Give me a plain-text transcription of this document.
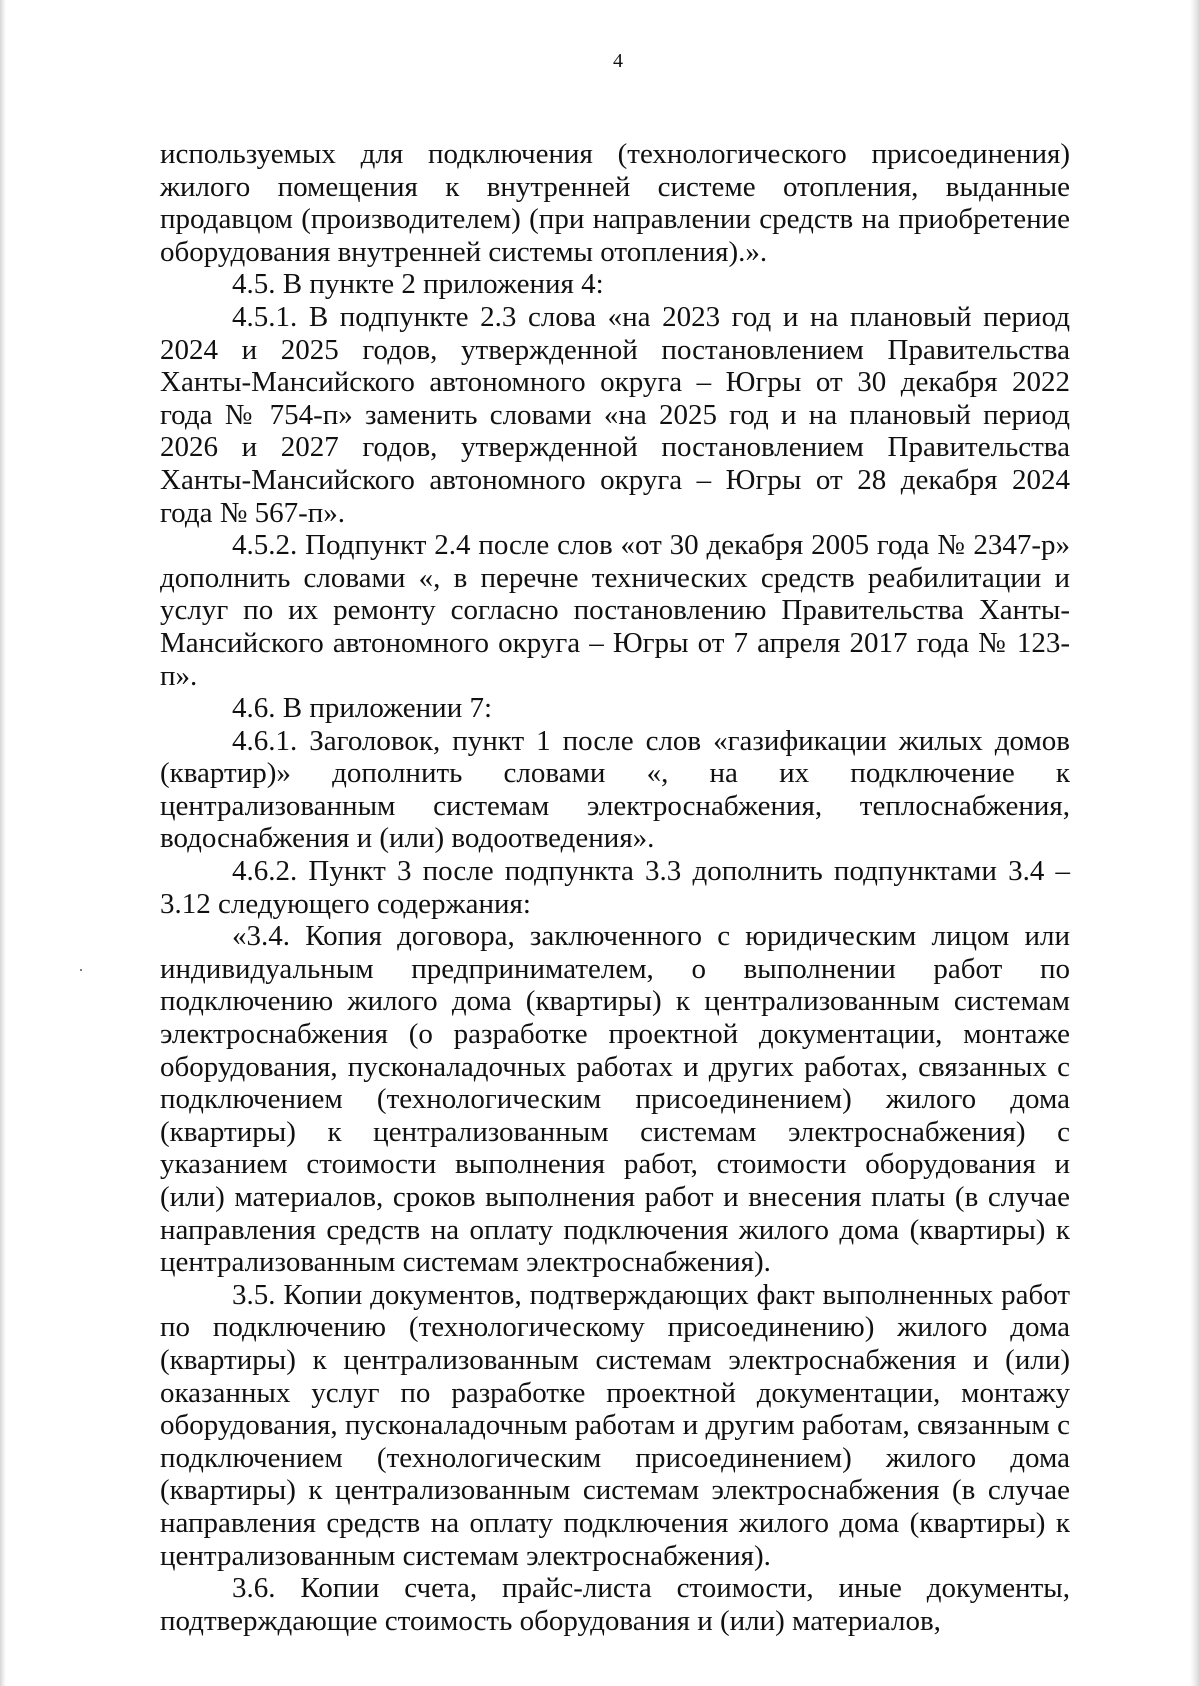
4

используемых для подключения (технологического присоединения) жилого помещения к внутренней системе отопления, выданные продавцом (производителем) (при направлении средств на приобретение оборудования внутренней системы отопления).».

4.5. В пункте 2 приложения 4:

4.5.1. В подпункте 2.3 слова «на 2023 год и на плановый период 2024 и 2025 годов, утвержденной постановлением Правительства Ханты-Мансийского автономного округа – Югры от 30 декабря 2022 года № 754-п» заменить словами «на 2025 год и на плановый период 2026 и 2027 годов, утвержденной постановлением Правительства Ханты-Мансийского автономного округа – Югры от 28 декабря 2024 года № 567-п».

4.5.2. Подпункт 2.4 после слов «от 30 декабря 2005 года № 2347-р» дополнить словами «, в перечне технических средств реабилитации и услуг по их ремонту согласно постановлению Правительства Ханты-Мансийского автономного округа – Югры от 7 апреля 2017 года № 123-п».

4.6. В приложении 7:

4.6.1. Заголовок, пункт 1 после слов «газификации жилых домов (квартир)» дополнить словами «, на их подключение к централизованным системам электроснабжения, теплоснабжения, водоснабжения и (или) водоотведения».

4.6.2. Пункт 3 после подпункта 3.3 дополнить подпунктами 3.4 – 3.12 следующего содержания:

«3.4. Копия договора, заключенного с юридическим лицом или индивидуальным предпринимателем, о выполнении работ по подключению жилого дома (квартиры) к централизованным системам электроснабжения (о разработке проектной документации, монтаже оборудования, пусконаладочных работах и других работах, связанных с подключением (технологическим присоединением) жилого дома (квартиры) к централизованным системам электроснабжения) с указанием стоимости выполнения работ, стоимости оборудования и (или) материалов, сроков выполнения работ и внесения платы (в случае направления средств на оплату подключения жилого дома (квартиры) к централизованным системам электроснабжения).

3.5. Копии документов, подтверждающих факт выполненных работ по подключению (технологическому присоединению) жилого дома (квартиры) к централизованным системам электроснабжения и (или) оказанных услуг по разработке проектной документации, монтажу оборудования, пусконаладочным работам и другим работам, связанным с подключением (технологическим присоединением) жилого дома (квартиры) к централизованным системам электроснабжения (в случае направления средств на оплату подключения жилого дома (квартиры) к централизованным системам электроснабжения).

3.6. Копии счета, прайс-листа стоимости, иные документы, подтверждающие стоимость оборудования и (или) материалов,
